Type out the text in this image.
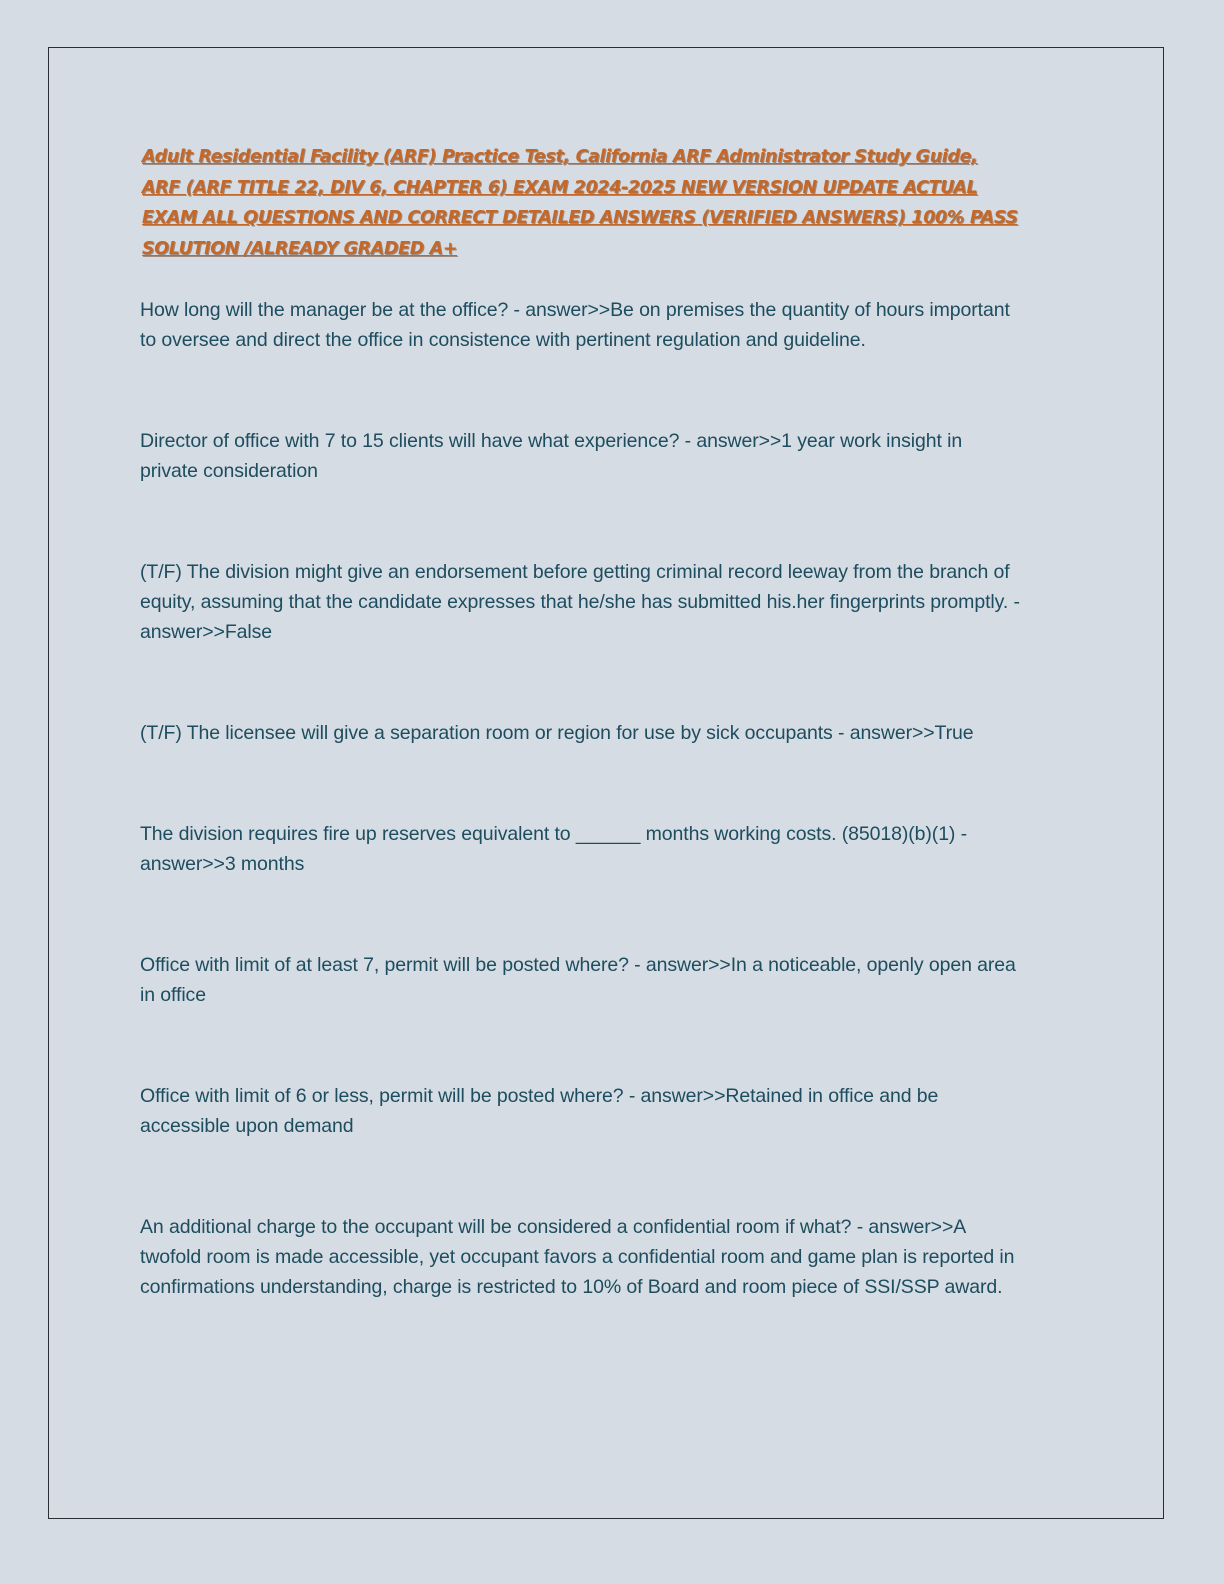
Adult Residential Facility (ARF) Practice Test, California ARF Administrator Study Guide, ARF (ARF TITLE 22, DIV 6, CHAPTER 6) EXAM 2024-2025 NEW VERSION UPDATE ACTUAL EXAM ALL QUESTIONS AND CORRECT DETAILED ANSWERS (VERIFIED ANSWERS) 100% PASS SOLUTION /ALREADY GRADED A+

How long will the manager be at the office? - answer>>Be on premises the quantity of hours important to oversee and direct the office in consistence with pertinent regulation and guideline.

Director of office with 7 to 15 clients will have what experience? - answer>>1 year work insight in private consideration

(T/F) The division might give an endorsement before getting criminal record leeway from the branch of equity, assuming that the candidate expresses that he/she has submitted his.her fingerprints promptly. - answer>>False

(T/F) The licensee will give a separation room or region for use by sick occupants - answer>>True

The division requires fire up reserves equivalent to ______ months working costs. (85018)(b)(1) - answer>>3 months

Office with limit of at least 7, permit will be posted where? - answer>>In a noticeable, openly open area in office

Office with limit of 6 or less, permit will be posted where? - answer>>Retained in office and be accessible upon demand

An additional charge to the occupant will be considered a confidential room if what? - answer>>A twofold room is made accessible, yet occupant favors a confidential room and game plan is reported in confirmations understanding, charge is restricted to 10% of Board and room piece of SSI/SSP award.
